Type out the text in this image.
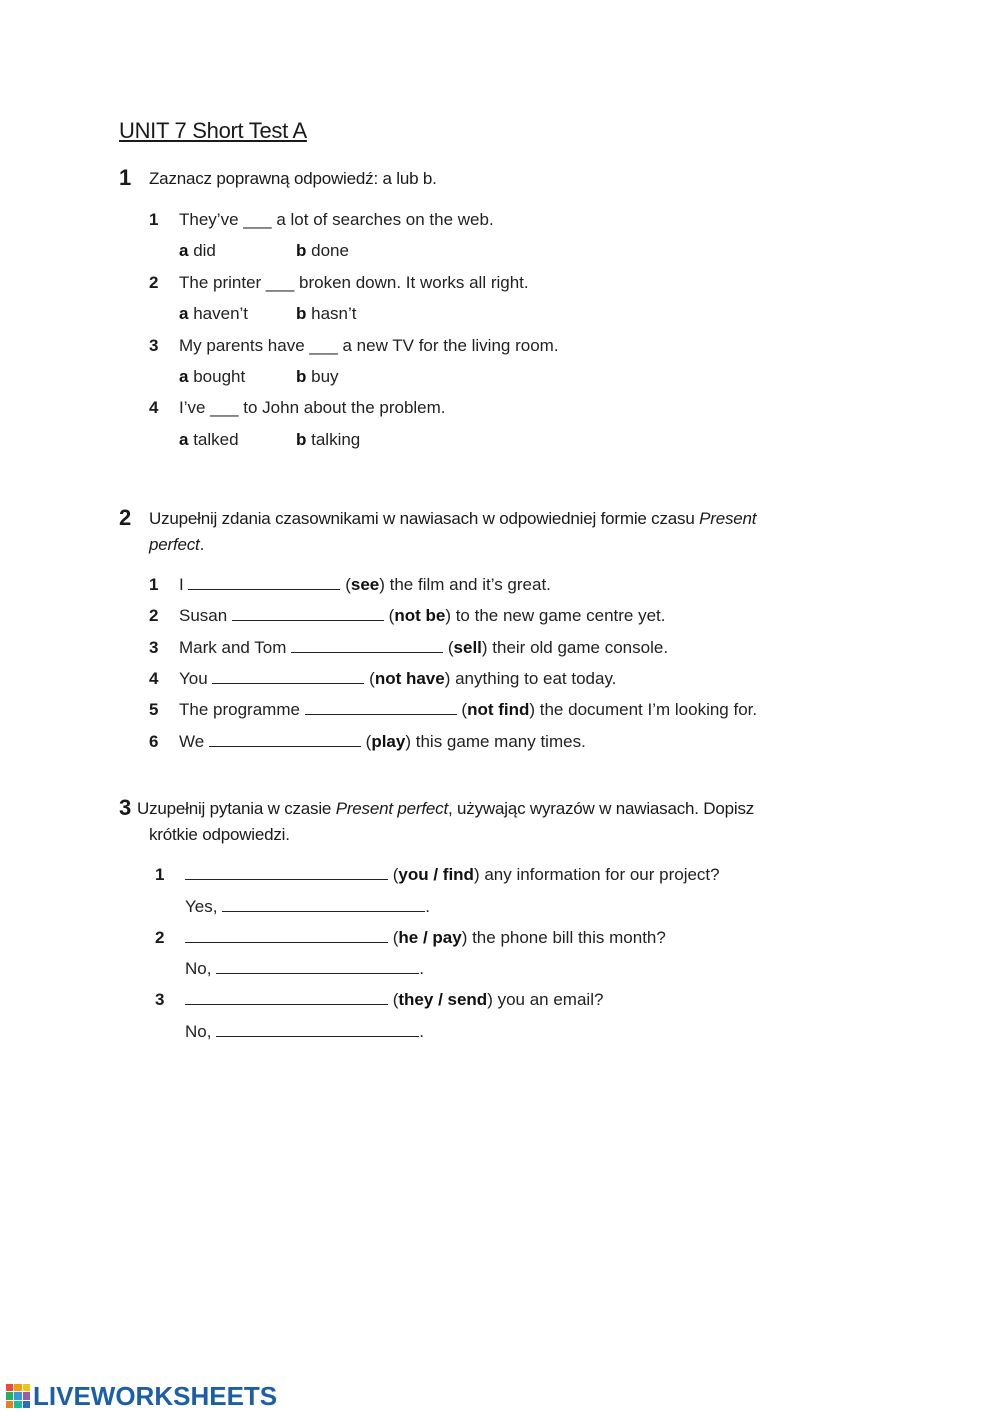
UNIT 7 Short Test A
1 Zaznacz poprawną odpowiedź: a lub b.
1 They’ve ___ a lot of searches on the web.
a did	b done
2 The printer ___ broken down. It works all right.
a haven’t	b hasn’t
3 My parents have ___ a new TV for the living room.
a bought	b buy
4 I’ve ___ to John about the problem.
a talked	b talking
2 Uzupełnij zdania czasownikami w nawiasach w odpowiedniej formie czasu Present
perfect.
1 I	(see) the film and it’s great.
2 Susan	(not be) to the new game centre yet.
3 Mark and Tom	(sell) their old game console.
4 You	(not have) anything to eat today.
5 The programme	(not find) the document I’m looking for.
6 We	(play) this game many times.
3 Uzupełnij pytania w czasie Present perfect, używając wyrazów w nawiasach. Dopisz
krótkie odpowiedzi.
1	(you / find) any information for our project?
Yes,	.
2	(he / pay) the phone bill this month?
No,	.
3	(they / send) you an email?
No,	.
LIVEWORKSHEETS
